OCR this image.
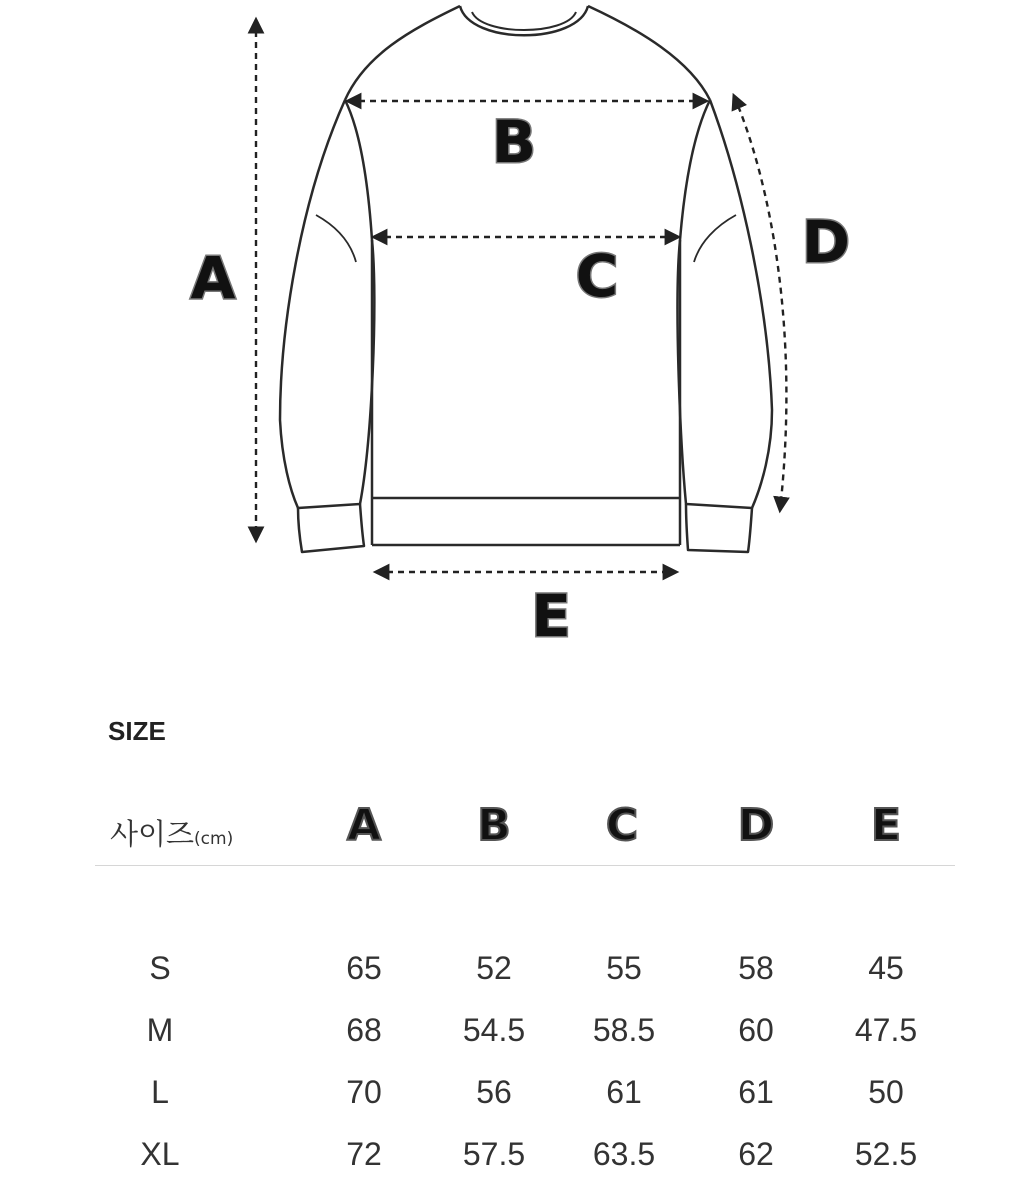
A
B
C	D
E
SIZE
사이즈(cm)	A	B	C	D	E
S	65	52	55	58	45
M	68	54.5	58.5	60	47.5
L	70	56	61	61	50
XL	72	57.5	63.5	62	52.5
